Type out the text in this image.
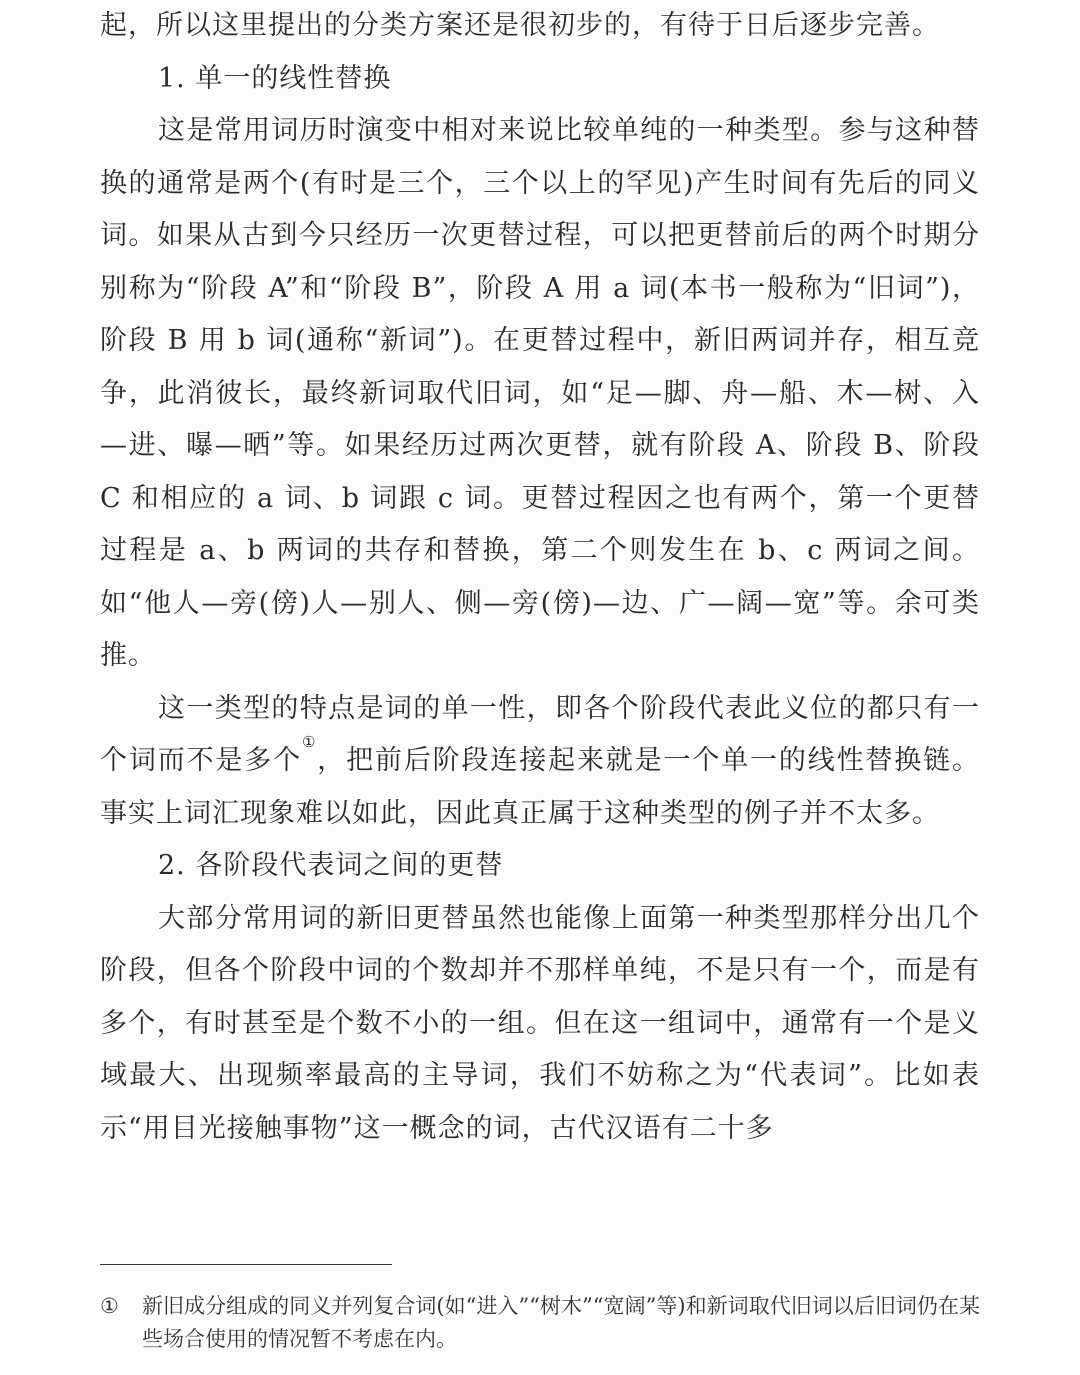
起，所以这里提出的分类方案还是很初步的，有待于日后逐步完善。

1. 单一的线性替换

这是常用词历时演变中相对来说比较单纯的一种类型。参与这种替换的通常是两个(有时是三个，三个以上的罕见)产生时间有先后的同义词。如果从古到今只经历一次更替过程，可以把更替前后的两个时期分别称为“阶段 A”和“阶段 B”，阶段 A 用 a 词(本书一般称为“旧词”)，阶段 B 用 b 词(通称“新词”)。在更替过程中，新旧两词并存，相互竞争，此消彼长，最终新词取代旧词，如“足—脚、舟—船、木—树、入—进、曝—晒”等。如果经历过两次更替，就有阶段 A、阶段 B、阶段 C 和相应的 a 词、b 词跟 c 词。更替过程因之也有两个，第一个更替过程是 a、b 两词的共存和替换，第二个则发生在 b、c 两词之间。如“他人—旁(傍)人—别人、侧—旁(傍)—边、广—阔—宽”等。余可类推。

这一类型的特点是词的单一性，即各个阶段代表此义位的都只有一个词而不是多个①，把前后阶段连接起来就是一个单一的线性替换链。事实上词汇现象难以如此，因此真正属于这种类型的例子并不太多。

2. 各阶段代表词之间的更替

大部分常用词的新旧更替虽然也能像上面第一种类型那样分出几个阶段，但各个阶段中词的个数却并不那样单纯，不是只有一个，而是有多个，有时甚至是个数不小的一组。但在这一组词中，通常有一个是义域最大、出现频率最高的主导词，我们不妨称之为“代表词”。比如表示“用目光接触事物”这一概念的词，古代汉语有二十多

①	新旧成分组成的同义并列复合词(如“进入”“树木”“宽阔”等)和新词取代旧词以后旧词仍在某些场合使用的情况暂不考虑在内。
